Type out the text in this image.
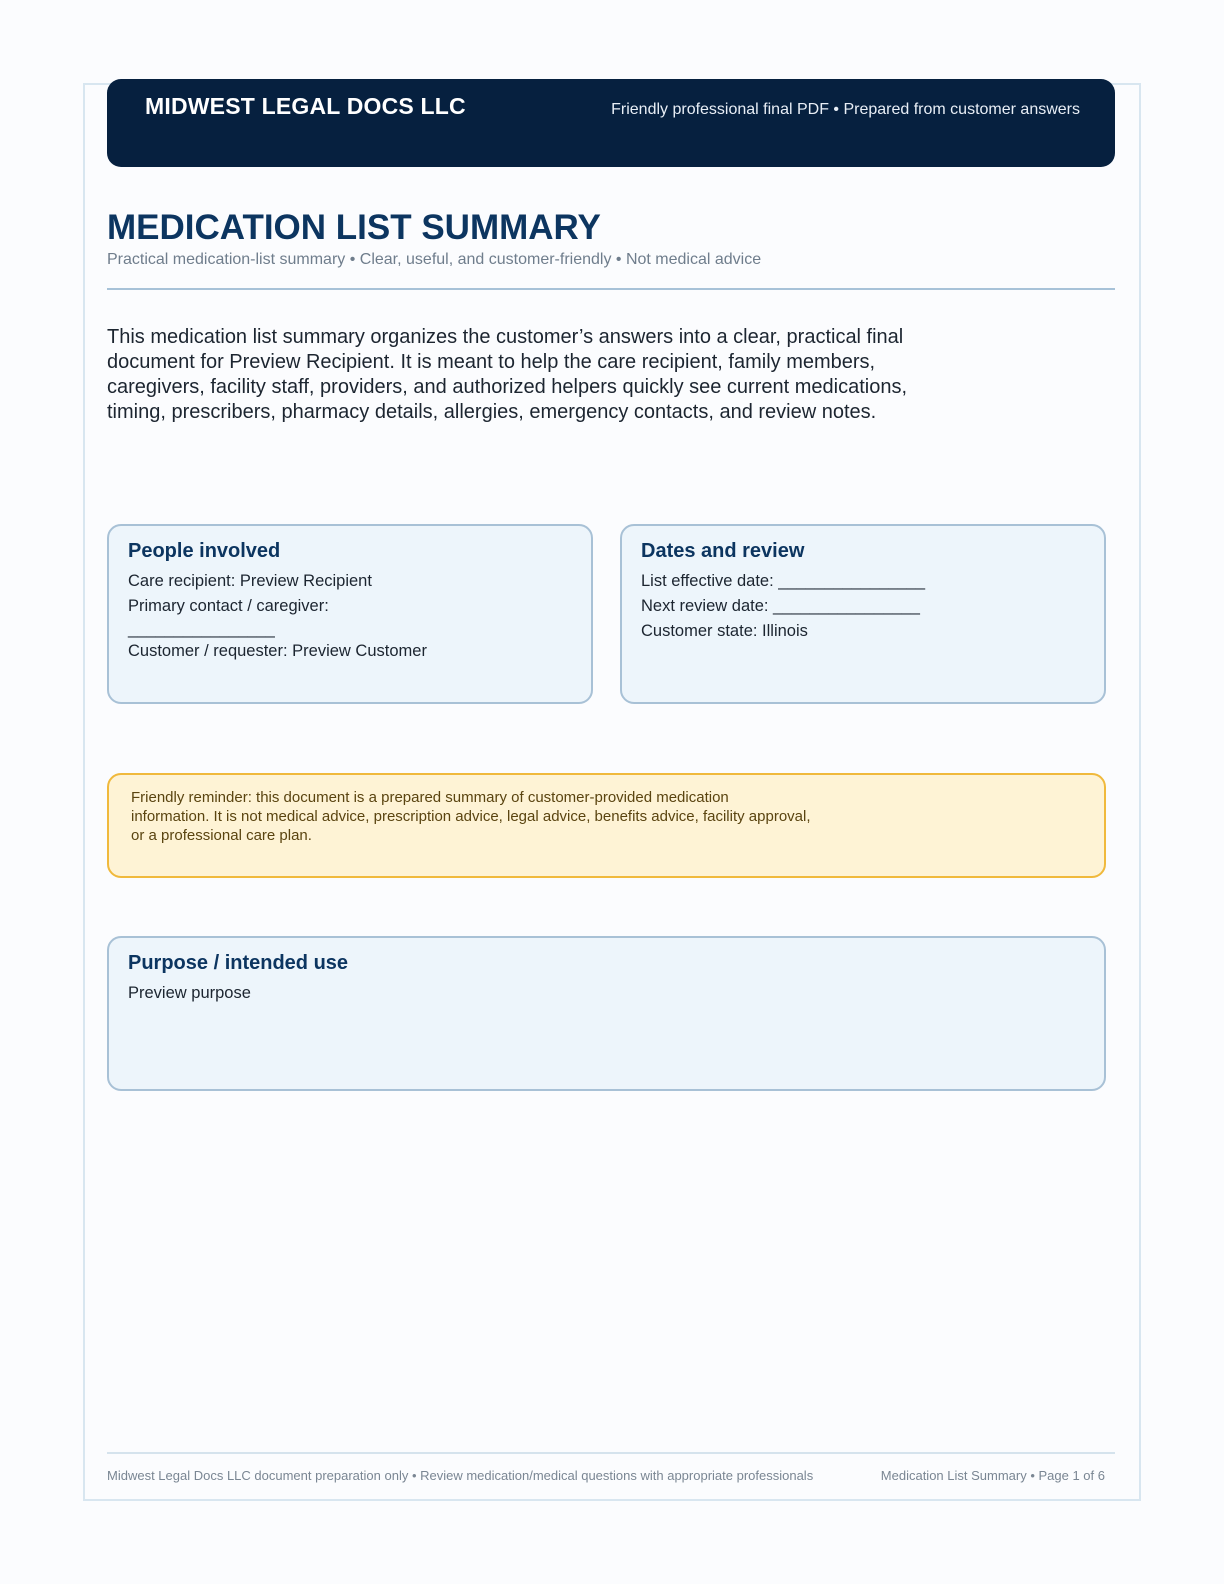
MIDWEST LEGAL DOCS LLC	Friendly professional final PDF • Prepared from customer answers
MEDICATION LIST SUMMARY
Practical medication-list summary • Clear, useful, and customer-friendly • Not medical advice
This medication list summary organizes the customer’s answers into a clear, practical final document for Preview Recipient. It is meant to help the care recipient, family members, caregivers, facility staff, providers, and authorized helpers quickly see current medications, timing, prescribers, pharmacy details, allergies, emergency contacts, and review notes.
People involved
Care recipient: Preview Recipient
Primary contact / caregiver:
________________
Customer / requester: Preview Customer
Dates and review
List effective date: ________________
Next review date: ________________
Customer state: Illinois
Friendly reminder: this document is a prepared summary of customer-provided medication information. It is not medical advice, prescription advice, legal advice, benefits advice, facility approval, or a professional care plan.
Purpose / intended use
Preview purpose
Midwest Legal Docs LLC document preparation only • Review medication/medical questions with appropriate professionals	Medication List Summary • Page 1 of 6
